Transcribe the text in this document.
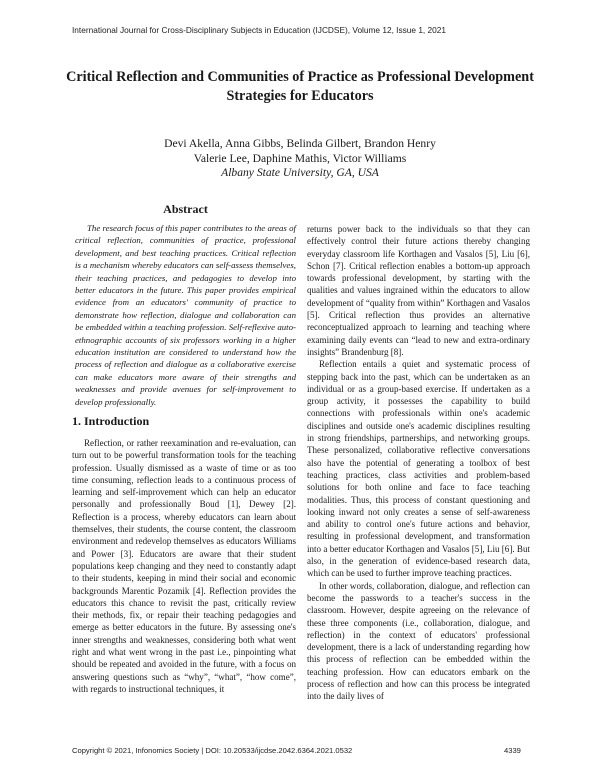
International Journal for Cross-Disciplinary Subjects in Education (IJCDSE), Volume 12, Issue 1, 2021
Critical Reflection and Communities of Practice as Professional Development
Strategies for Educators
Devi Akella, Anna Gibbs, Belinda Gilbert, Brandon Henry
Valerie Lee, Daphine Mathis, Victor Williams
Albany State University, GA, USA
Abstract

The research focus of this paper contributes to the areas of critical reflection, communities of practice, professional development, and best teaching practices. Critical reflection is a mechanism whereby educators can self-assess themselves, their teaching practices, and pedagogies to develop into better educators in the future. This paper provides empirical evidence from an educators' community of practice to demonstrate how reflection, dialogue and collaboration can be embedded within a teaching profession. Self-reflexive auto-ethnographic accounts of six professors working in a higher education institution are considered to understand how the process of reflection and dialogue as a collaborative exercise can make educators more aware of their strengths and weaknesses and provide avenues for self-improvement to develop professionally.

1. Introduction

Reflection, or rather reexamination and re-evaluation, can turn out to be powerful transformation tools for the teaching profession. Usually dismissed as a waste of time or as too time consuming, reflection leads to a continuous process of learning and self-improvement which can help an educator personally and professionally Boud [1], Dewey [2]. Reflection is a process, whereby educators can learn about themselves, their students, the course content, the classroom environment and redevelop themselves as educators Williams and Power [3]. Educators are aware that their student populations keep changing and they need to constantly adapt to their students, keeping in mind their social and economic backgrounds Marentic Pozamik [4]. Reflection provides the educators this chance to revisit the past, critically review their methods, fix, or repair their teaching pedagogies and emerge as better educators in the future. By assessing one's inner strengths and weaknesses, considering both what went right and what went wrong in the past i.e., pinpointing what should be repeated and avoided in the future, with a focus on answering questions such as “why”, “what”, “how come”, with regards to instructional techniques, it

returns power back to the individuals so that they can effectively control their future actions thereby changing everyday classroom life Korthagen and Vasalos [5], Liu [6], Schon [7]. Critical reflection enables a bottom-up approach towards professional development, by starting with the qualities and values ingrained within the educators to allow development of “quality from within” Korthagen and Vasalos [5]. Critical reflection thus provides an alternative reconceptualized approach to learning and teaching where examining daily events can “lead to new and extra-ordinary insights” Brandenburg [8].

Reflection entails a quiet and systematic process of stepping back into the past, which can be undertaken as an individual or as a group-based exercise. If undertaken as a group activity, it possesses the capability to build connections with professionals within one's academic disciplines and outside one's academic disciplines resulting in strong friendships, partnerships, and networking groups. These personalized, collaborative reflective conversations also have the potential of generating a toolbox of best teaching practices, class activities and problem-based solutions for both online and face to face teaching modalities. Thus, this process of constant questioning and looking inward not only creates a sense of self-awareness and ability to control one's future actions and behavior, resulting in professional development, and transformation into a better educator Korthagen and Vasalos [5], Liu [6]. But also, in the generation of evidence-based research data, which can be used to further improve teaching practices.

In other words, collaboration, dialogue, and reflection can become the passwords to a teacher's success in the classroom. However, despite agreeing on the relevance of these three components (i.e., collaboration, dialogue, and reflection) in the context of educators' professional development, there is a lack of understanding regarding how this process of reflection can be embedded within the teaching profession. How can educators embark on the process of reflection and how can this process be integrated into the daily lives of

Copyright © 2021, Infonomics Society | DOI: 10.20533/ijcdse.2042.6364.2021.0532	4339
